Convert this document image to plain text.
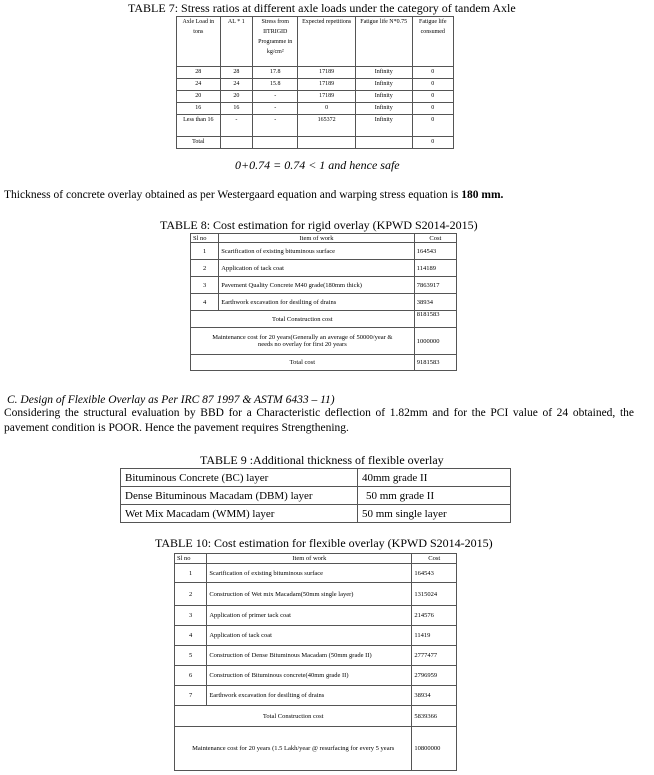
TABLE 7: Stress ratios at different axle loads under the category of tandem Axle
Axle Load in tons	AL * 1	Stress from IITRIGID Programme in kg/cm²	Expected repetitions	Fatigue life N*0.75	Fatigue life consumed
28	28	17.8	17189	Infinity	0
24	24	15.8	17189	Infinity	0
20	20	-	17189	Infinity	0
16	16	-	0	Infinity	0
Less than 16	-	-	165372	Infinity	0
Total					0
0+0.74 = 0.74 < 1 and hence safe
Thickness of concrete overlay obtained as per Westergaard equation and warping stress equation is 180 mm.
TABLE 8: Cost estimation for rigid overlay (KPWD S2014-2015)
Sl no	Item of work	Cost
1	Scarification of existing bituminous surface	164543
2	Application of tack coat	114189
3	Pavement Quality Concrete M40 grade(180mm thick)	7863917
4	Earthwork excavation for desilting of drains	38934
Total Construction cost		8181583
Maintenance cost for 20 years(Generally an average of 50000/year & needs no overlay for first 20 years		1000000
Total cost		9181583
C. Design of Flexible Overlay as Per IRC 87 1997 & ASTM 6433 – 11)
Considering the structural evaluation by BBD for a Characteristic deflection of 1.82mm and for the PCI value of 24 obtained, the pavement condition is POOR. Hence the pavement requires Strengthening.
TABLE 9 :Additional thickness of flexible overlay
Bituminous Concrete (BC) layer	40mm grade II
Dense Bituminous Macadam (DBM) layer	50 mm grade II
Wet Mix Macadam (WMM) layer	50 mm single layer
TABLE 10: Cost estimation for flexible overlay (KPWD S2014-2015)
Sl no	Item of work	Cost
1	Scarification of existing bituminous surface	164543
2	Construction of Wet mix Macadam(50mm single layer)	1315024
3	Application of primer tack coat	214576
4	Application of tack coat	11419
5	Construction of Dense Bituminous Macadam (50mm grade II)	2777477
6	Construction of Bituminous concrete(40mm grade II)	2796959
7	Earthwork excavation for desilting of drains	38934
Total Construction cost		5839366
Maintenance cost for 20 years (1.5 Lakh/year @ resurfacing for every 5 years		10800000
